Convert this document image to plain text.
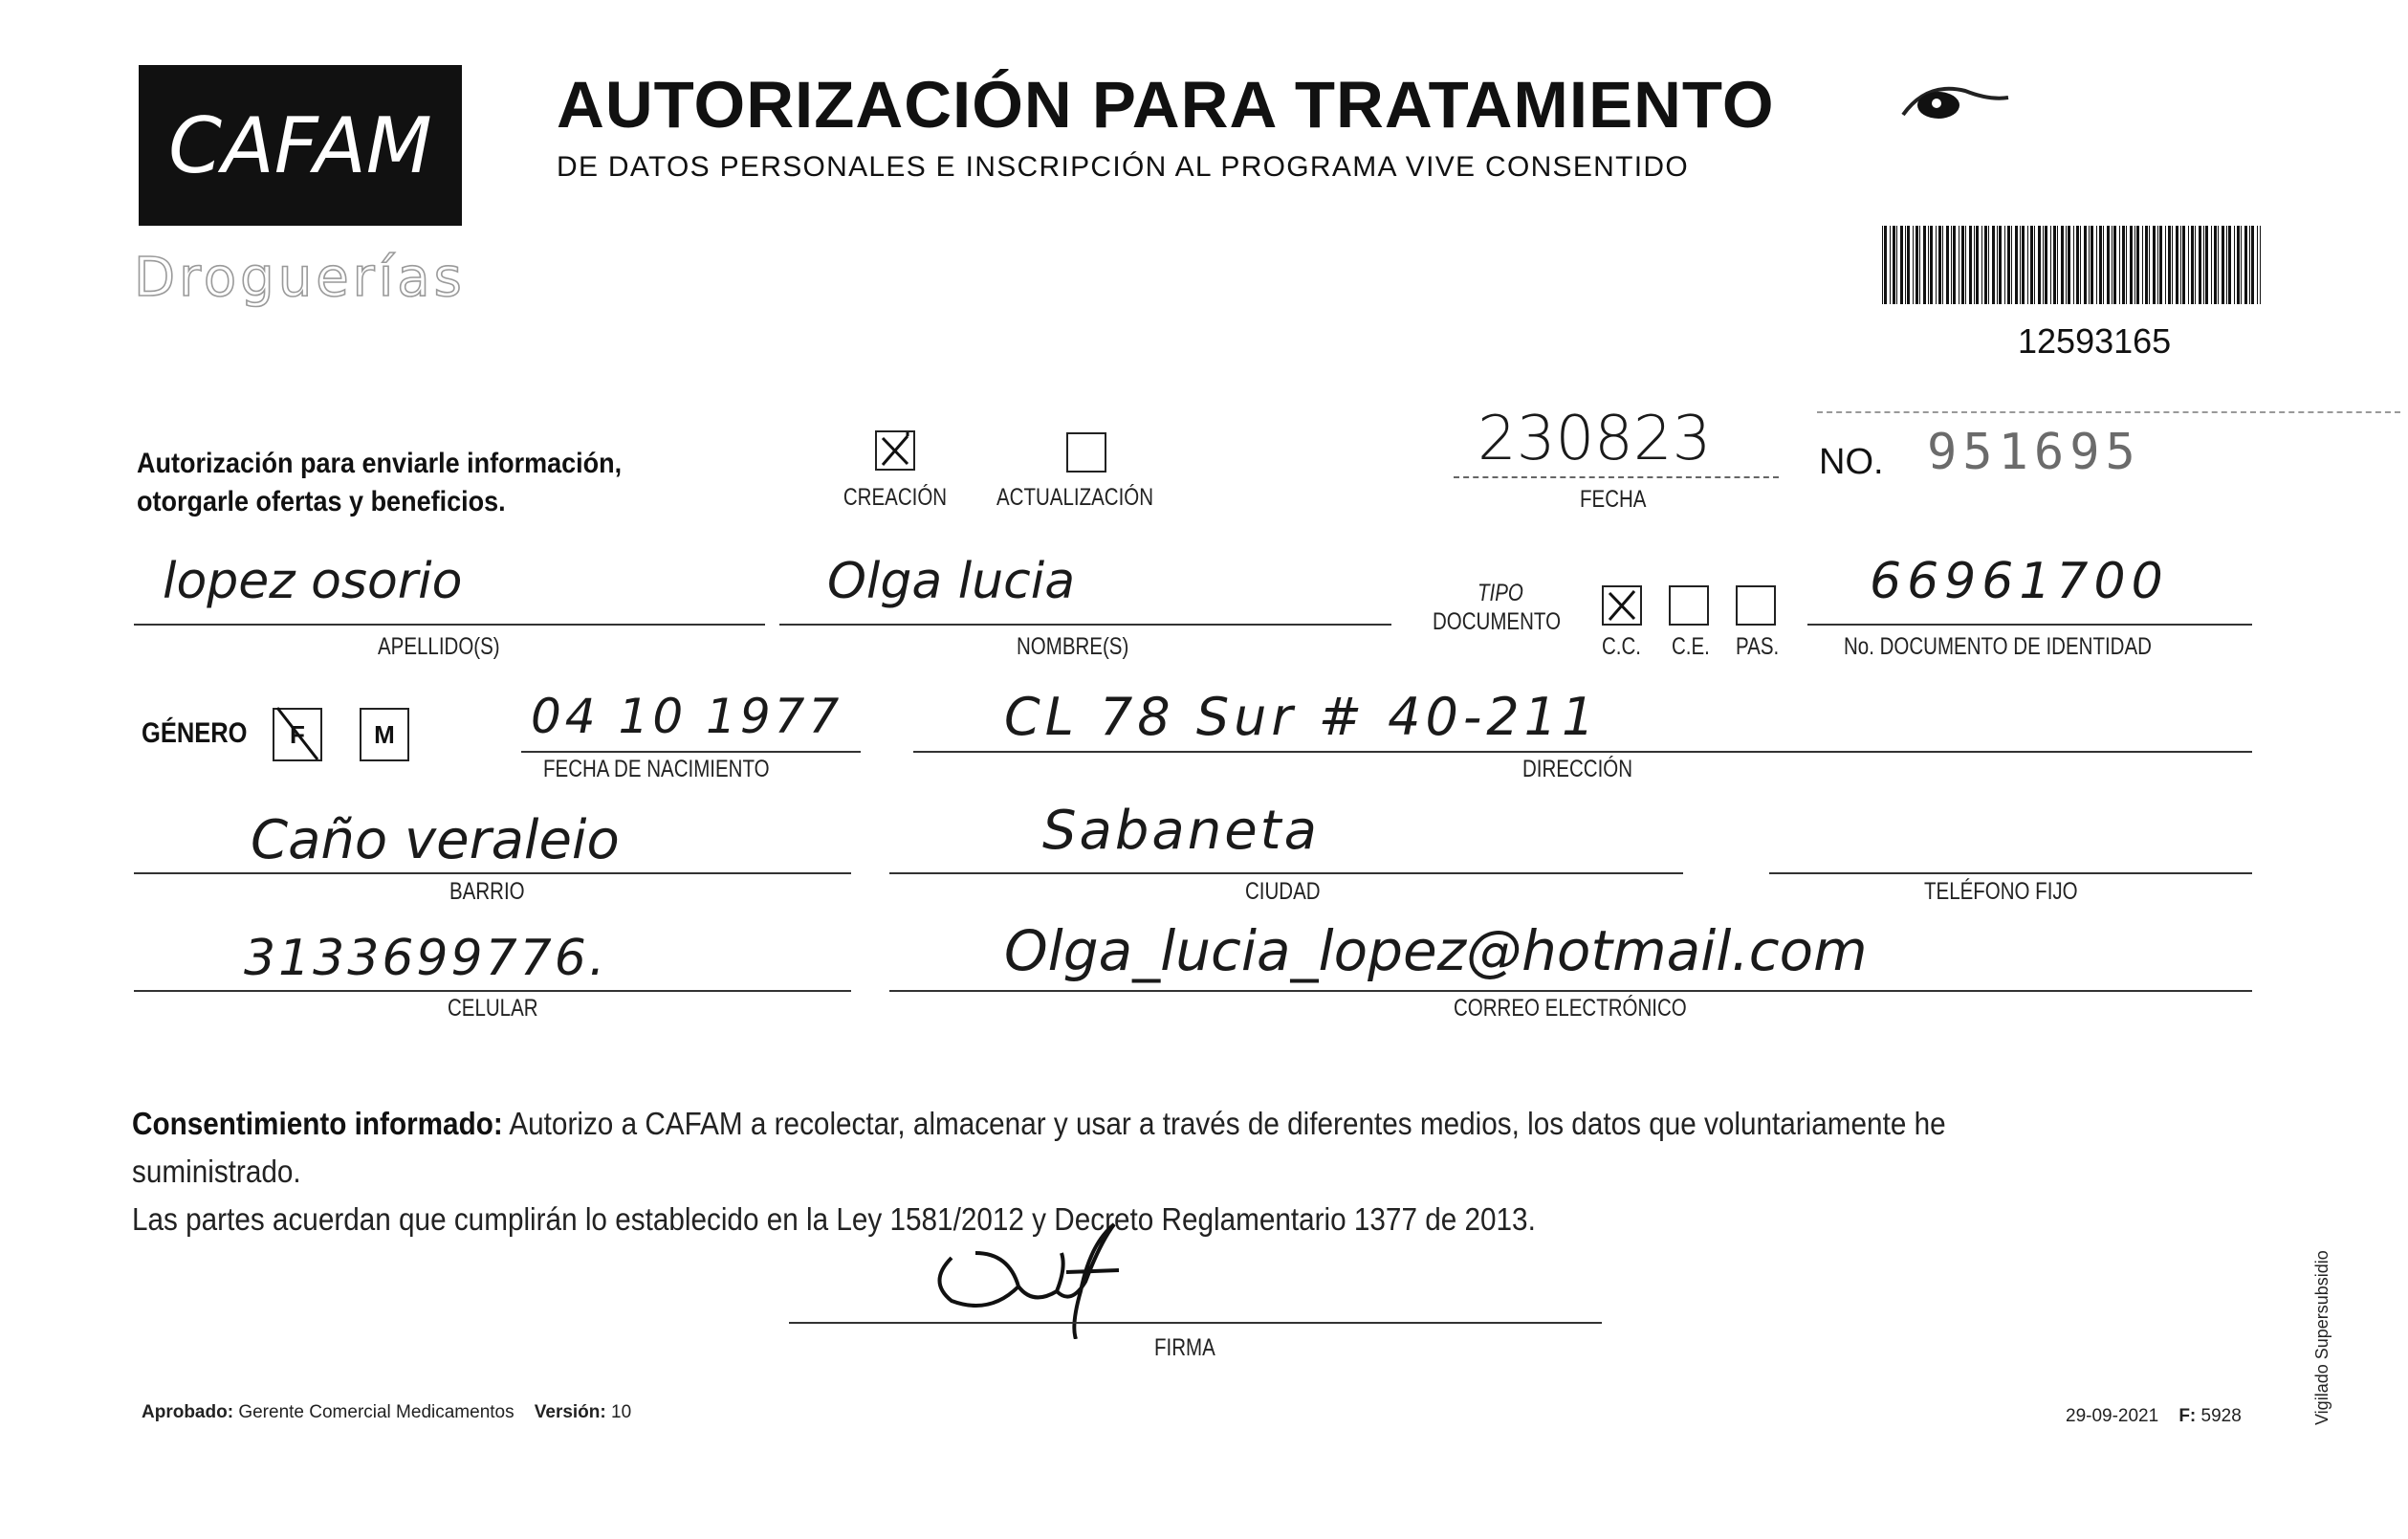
CAFAM
Droguerías
AUTORIZACIÓN PARA TRATAMIENTO
DE DATOS PERSONALES E INSCRIPCIÓN AL PROGRAMA VIVE CONSENTIDO
12593165
Autorización para enviarle información,
otorgarle ofertas y beneficios.	CREACIÓN ACTUALIZACIÓN
230823
FECHA
NO. 951695
lopez osorio
APELLIDO(S)
Olga lucia
NOMBRE(S)
TIPO
DOCUMENTO
C.C. C.E. PAS.
66961700
No. DOCUMENTO DE IDENTIDAD
GÉNERO	F	M	04 10 1977
FECHA DE NACIMIENTO
CL 78 Sur # 40-211
DIRECCIÓN
Caño veraleio
BARRIO
Sabaneta
CIUDAD	TELÉFONO FIJO
3133699776.
CELULAR
Olga_lucia_lopez@hotmail.com
CORREO ELECTRÓNICO
Consentimiento informado: Autorizo a CAFAM a recolectar, almacenar y usar a través de diferentes medios, los datos que voluntariamente he suministrado.
Las partes acuerdan que cumplirán lo establecido en la Ley 1581/2012 y Decreto Reglamentario 1377 de 2013.
FIRMA
Aprobado: Gerente Comercial Medicamentos Versión: 10	29-09-2021 F: 5928	Vigilado Supersubsidio
